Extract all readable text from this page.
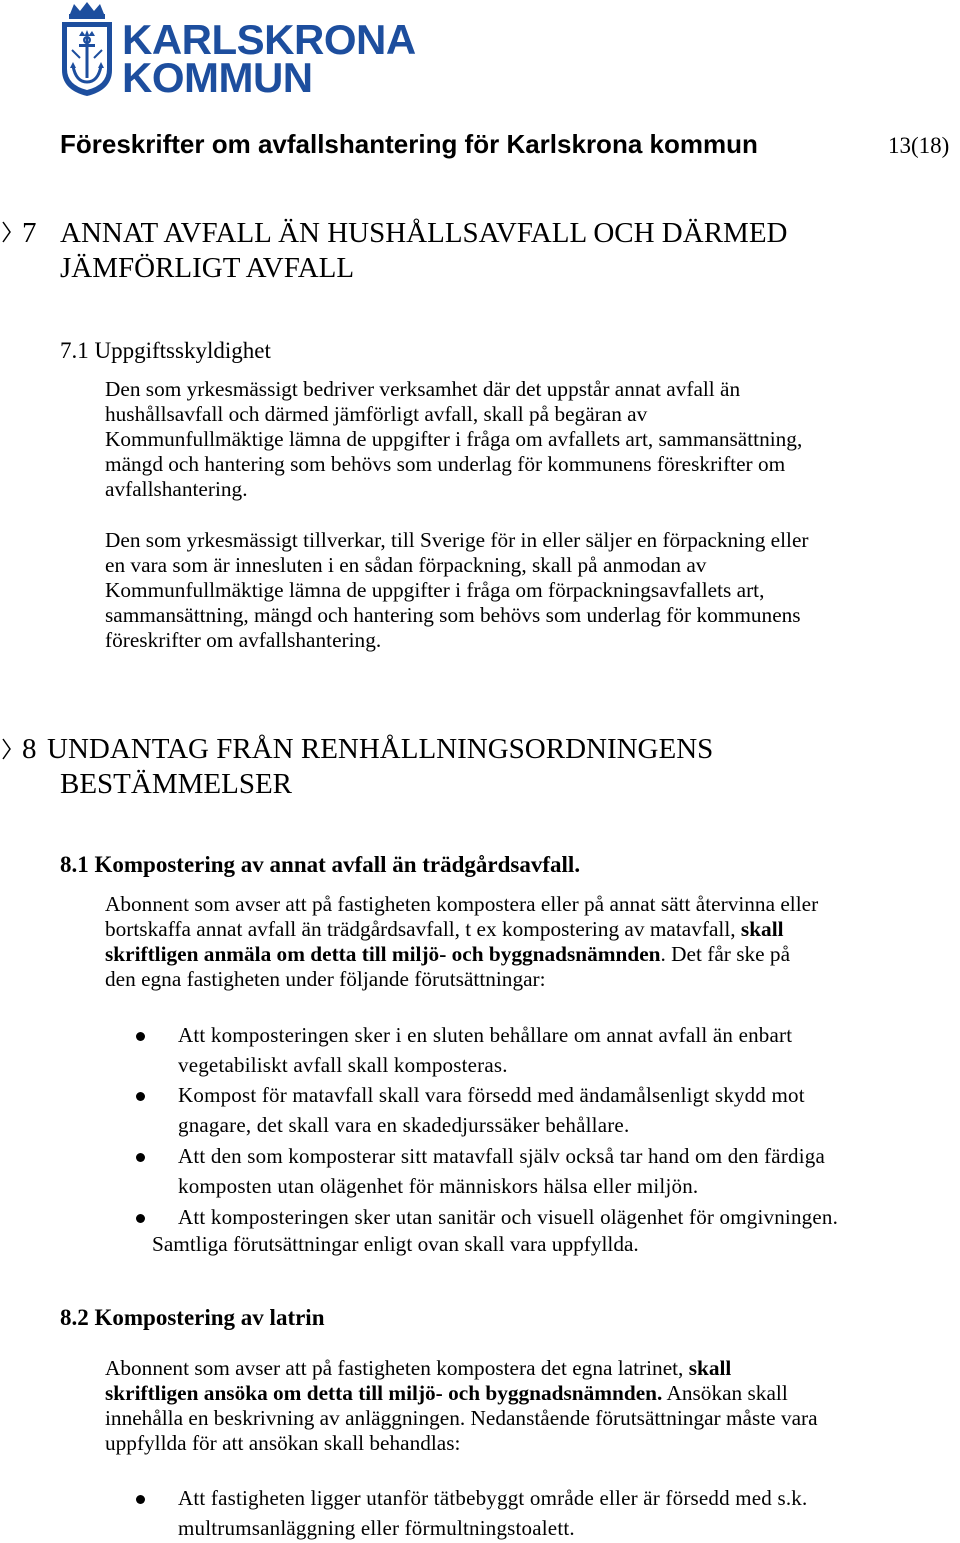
KARLSKRONA
KOMMUN
Föreskrifter om avfallshantering för Karlskrona kommun	13(18)
7 ANNAT AVFALL ÄN HUSHÅLLSAVFALL OCH DÄRMED
JÄMFÖRLIGT AVFALL
7.1 Uppgiftsskyldighet
Den som yrkesmässigt bedriver verksamhet där det uppstår annat avfall än
hushållsavfall och därmed jämförligt avfall, skall på begäran av
Kommunfullmäktige lämna de uppgifter i fråga om avfallets art, sammansättning,
mängd och hantering som behövs som underlag för kommunens föreskrifter om
avfallshantering.
Den som yrkesmässigt tillverkar, till Sverige för in eller säljer en förpackning eller
en vara som är innesluten i en sådan förpackning, skall på anmodan av
Kommunfullmäktige lämna de uppgifter i fråga om förpackningsavfallets art,
sammansättning, mängd och hantering som behövs som underlag för kommunens
föreskrifter om avfallshantering.
8 UNDANTAG FRÅN RENHÅLLNINGSORDNINGENS
BESTÄMMELSER
8.1 Kompostering av annat avfall än trädgårdsavfall.
Abonnent som avser att på fastigheten kompostera eller på annat sätt återvinna eller
bortskaffa annat avfall än trädgårdsavfall, t ex kompostering av matavfall, skall
skriftligen anmäla om detta till miljö- och byggnadsnämnden. Det får ske på
den egna fastigheten under följande förutsättningar:
Att komposteringen sker i en sluten behållare om annat avfall än enbart
vegetabiliskt avfall skall komposteras.
Kompost för matavfall skall vara försedd med ändamålsenligt skydd mot
gnagare, det skall vara en skadedjurssäker behållare.
Att den som komposterar sitt matavfall själv också tar hand om den färdiga
komposten utan olägenhet för människors hälsa eller miljön.
Att komposteringen sker utan sanitär och visuell olägenhet för omgivningen.
Samtliga förutsättningar enligt ovan skall vara uppfyllda.
8.2 Kompostering av latrin
Abonnent som avser att på fastigheten kompostera det egna latrinet, skall
skriftligen ansöka om detta till miljö- och byggnadsnämnden. Ansökan skall
innehålla en beskrivning av anläggningen. Nedanstående förutsättningar måste vara
uppfyllda för att ansökan skall behandlas:
Att fastigheten ligger utanför tätbebyggt område eller är försedd med s.k.
multrumsanläggning eller förmultningstoalett.
